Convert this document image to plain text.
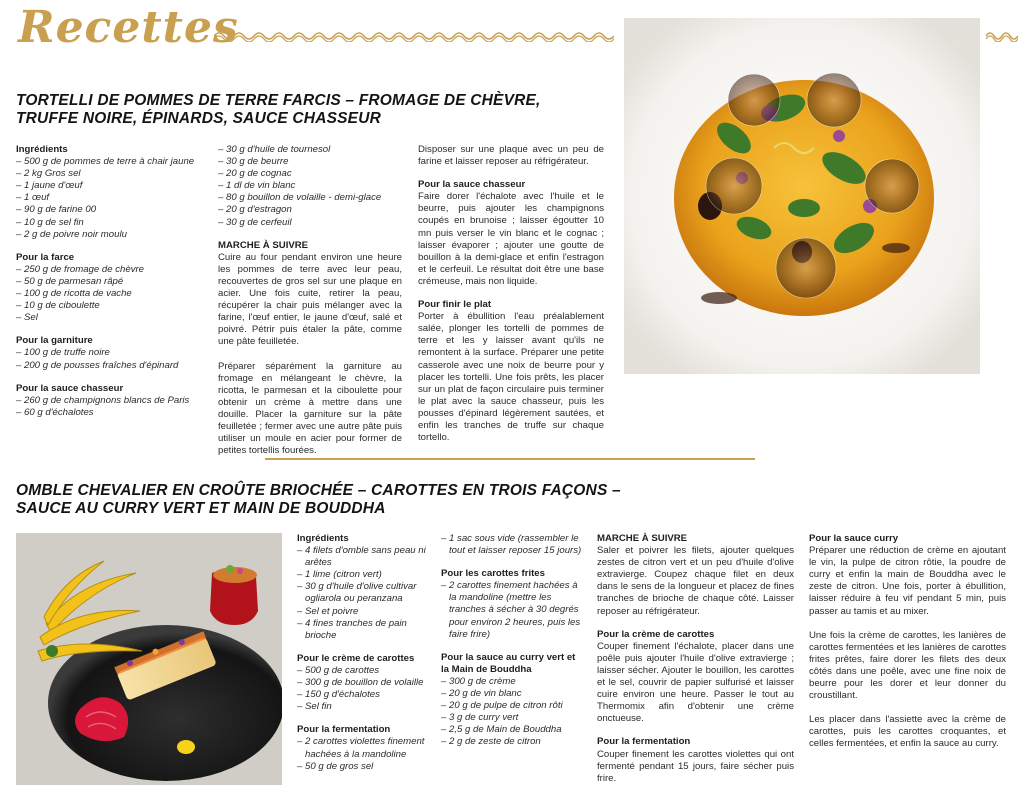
Recettes
TORTELLI DE POMMES DE TERRE FARCIS – FROMAGE DE CHÈVRE,
TRUFFE NOIRE, ÉPINARDS, SAUCE CHASSEUR
Ingrédients
– 500 g de pommes de terre à chair jaune
– 2 kg Gros sel
– 1 jaune d'œuf
– 1 œuf
– 90 g de farine 00
– 10 g de sel fin
– 2 g de poivre noir moulu
Pour la farce
– 250 g de fromage de chèvre
– 50 g de parmesan râpé
– 100 g de ricotta de vache
– 10 g de ciboulette
– Sel
Pour la garniture
– 100 g de truffe noire
– 200 g de pousses fraîches d'épinard
Pour la sauce chasseur
– 260 g de champignons blancs de Paris
– 60 g d'échalotes
– 30 g d'huile de tournesol
– 30 g de beurre
– 20 g de cognac
– 1 dl de vin blanc
– 80 g bouillon de volaille - demi-glace
– 20 g d'estragon
– 30 g de cerfeuil
MARCHE À SUIVRE

Cuire au four pendant environ une heure les pommes de terre avec leur peau, recouvertes de gros sel sur une plaque en acier. Une fois cuite, retirer la peau, récupérer la chair puis mélanger avec la farine, l'œuf entier, le jaune d'œuf, salé et poivré. Pétrir puis étaler la pâte, comme une pâte feuilletée.

Préparer séparément la garniture au fromage en mélangeant le chèvre, la ricotta, le parmesan et la ciboulette pour obtenir un crème à mettre dans une douille. Placer la garniture sur la pâte feuilletée ; fermer avec une autre pâte puis utiliser un moule en acier pour former de petites tortellis fourées.

Disposer sur une plaque avec un peu de farine et laisser reposer au réfrigérateur.

Pour la sauce chasseur

Faire dorer l'échalote avec l'huile et le beurre, puis ajouter les champignons coupés en brunoise ; laisser égoutter 10 mn puis verser le vin blanc et le cognac ; laisser évaporer ; ajouter une goutte de bouillon à la demi-glace et enfin l'estragon et le cerfeuil. Le résultat doit être une base crémeuse, mais non liquide.

Pour finir le plat

Porter à ébullition l'eau préalablement salée, plonger les tortelli de pommes de terre et les y laisser avant qu'ils ne remontent à la surface. Préparer une petite casserole avec une noix de beurre pour y placer les tortelli. Une fois prêts, les placer sur un plat de façon circulaire puis terminer le plat avec la sauce chasseur, puis les pousses d'épinard légèrement sautées, et enfin les tranches de truffe sur chaque tortello.

OMBLE CHEVALIER EN CROÛTE BRIOCHÉE – CAROTTES EN TROIS FAÇONS –
SAUCE AU CURRY VERT ET MAIN DE BOUDDHA
Ingrédients
– 4 filets d'omble sans peau ni arêtes
– 1 lime (citron vert)
– 30 g d'huile d'olive cultivar ogliarola ou peranzana
– Sel et poivre
– 4 fines tranches de pain brioche
Pour le crème de carottes
– 500 g de carottes
– 300 g de bouillon de volaille
– 150 g d'échalotes
– Sel fin
Pour la fermentation
– 2 carottes violettes finement hachées à la mandoline
– 50 g de gros sel
– 1 sac sous vide (rassembler le tout et laisser reposer 15 jours)
Pour les carottes frites
– 2 carottes finement hachées à la mandoline (mettre les tranches à sécher à 30 degrés pour environ 2 heures, puis les faire frire)
Pour la sauce au curry vert et la Main de Bouddha
– 300 g de crème
– 20 g de vin blanc
– 20 g de pulpe de citron rôti
– 3 g de curry vert
– 2,5 g de Main de Bouddha
– 2 g de zeste de citron
MARCHE À SUIVRE

Saler et poivrer les filets, ajouter quelques zestes de citron vert et un peu d'huile d'olive extravierge. Coupez chaque filet en deux dans le sens de la longueur et placez de fines tranches de brioche de chaque côté. Laisser reposer au réfrigérateur.

Pour la crème de carottes

Couper finement l'échalote, placer dans une poêle puis ajouter l'huile d'olive extravierge ; laisser sécher. Ajouter le bouillon, les carottes et le sel, couvrir de papier sulfurisé et laisser cuire environ une heure. Passer le tout au Thermomix afin d'obtenir une crème onctueuse.

Pour la fermentation

Couper finement les carottes violettes qui ont fermenté pendant 15 jours, faire sécher puis frire.

Pour la sauce curry

Préparer une réduction de crème en ajoutant le vin, la pulpe de citron rôtie, la poudre de curry et enfin la main de Bouddha avec le zeste de citron. Une fois, porter à ébullition, laisser réduire à feu vif pendant 5 min, puis passer au tamis et au mixer.

Une fois la crème de carottes, les lanières de carottes fermentées et les lanières de carottes frites prêtes, faire dorer les filets des deux côtés dans une poêle, avec une fine noix de beurre pour les dorer et leur donner du croustillant.

Les placer dans l'assiette avec la crème de carottes, puis les carottes croquantes, et celles fermentées, et enfin la sauce au curry.
